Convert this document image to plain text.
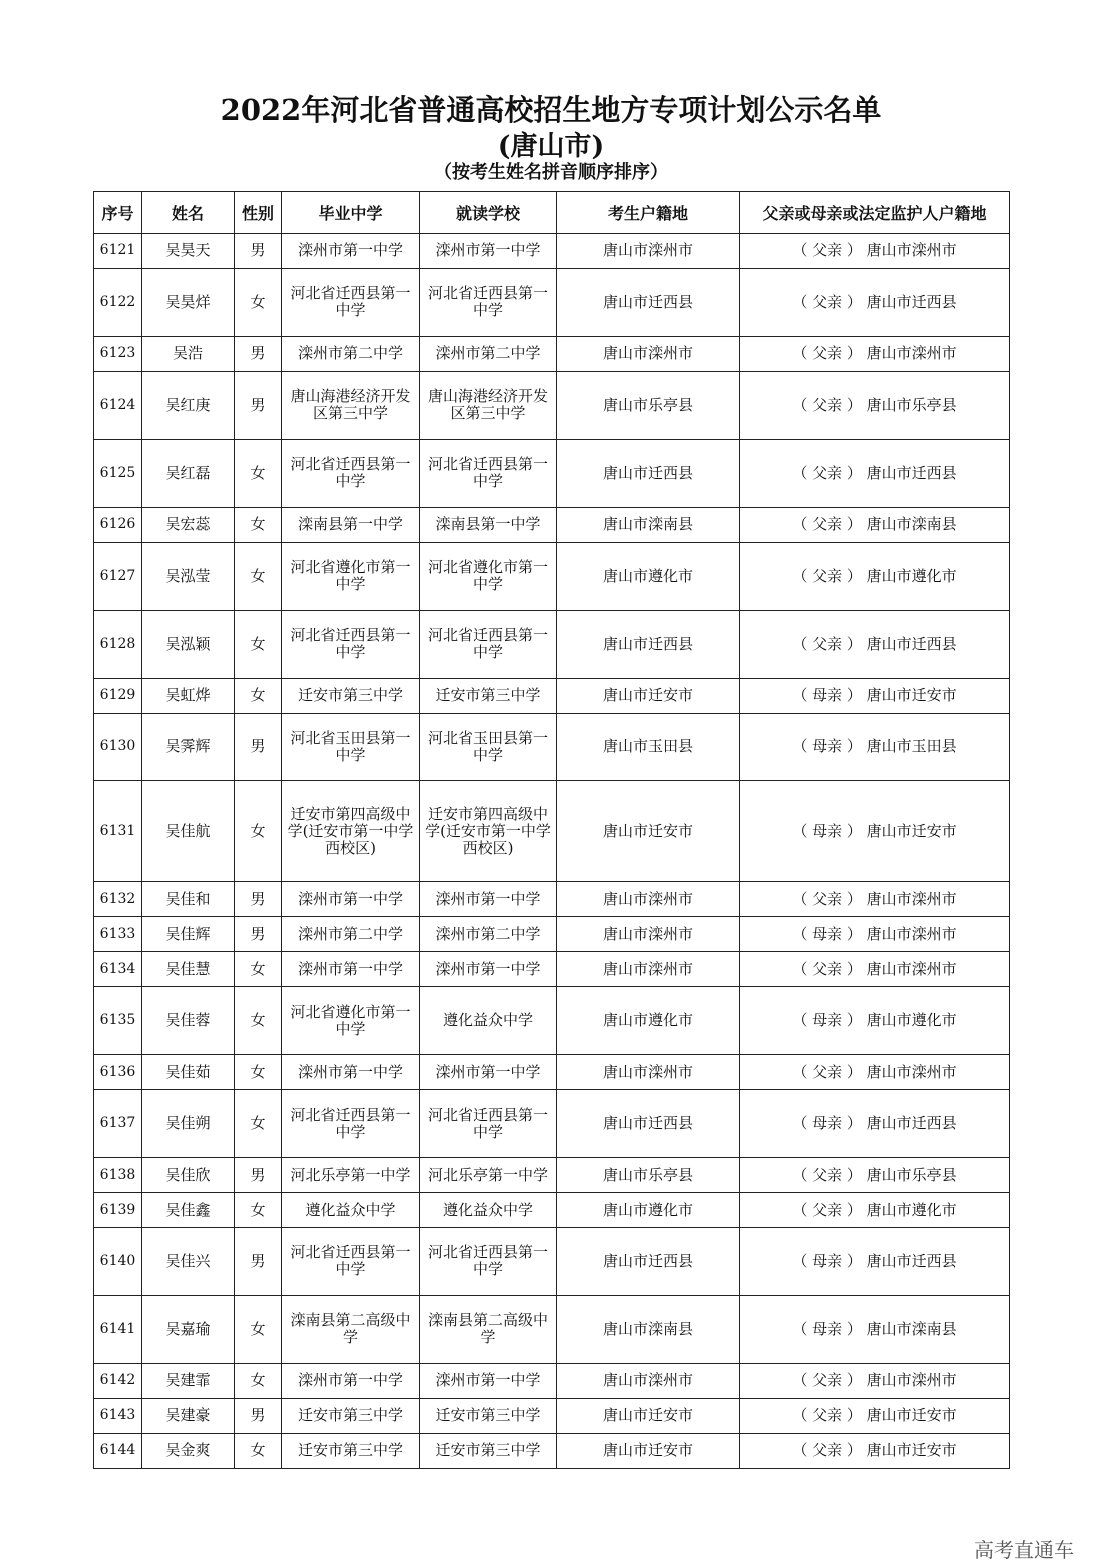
2022年河北省普通高校招生地方专项计划公示名单
(唐山市)
（按考生姓名拼音顺序排序）
序号	姓名	性别	毕业中学	就读学校	考生户籍地	父亲或母亲或法定监护人户籍地
6121	吴昊天	男	滦州市第一中学	滦州市第一中学	唐山市滦州市	（ 父亲 ） 唐山市滦州市
6122	吴昊烊	女	河北省迁西县第一中学	河北省迁西县第一中学	唐山市迁西县	（ 父亲 ） 唐山市迁西县
6123	吴浩	男	滦州市第二中学	滦州市第二中学	唐山市滦州市	（ 父亲 ） 唐山市滦州市
6124	吴红庚	男	唐山海港经济开发区第三中学	唐山海港经济开发区第三中学	唐山市乐亭县	（ 父亲 ） 唐山市乐亭县
6125	吴红磊	女	河北省迁西县第一中学	河北省迁西县第一中学	唐山市迁西县	（ 父亲 ） 唐山市迁西县
6126	吴宏蕊	女	滦南县第一中学	滦南县第一中学	唐山市滦南县	（ 父亲 ） 唐山市滦南县
6127	吴泓莹	女	河北省遵化市第一中学	河北省遵化市第一中学	唐山市遵化市	（ 父亲 ） 唐山市遵化市
6128	吴泓颖	女	河北省迁西县第一中学	河北省迁西县第一中学	唐山市迁西县	（ 父亲 ） 唐山市迁西县
6129	吴虹烨	女	迁安市第三中学	迁安市第三中学	唐山市迁安市	（ 母亲 ） 唐山市迁安市
6130	吴霁辉	男	河北省玉田县第一中学	河北省玉田县第一中学	唐山市玉田县	（ 母亲 ） 唐山市玉田县
6131	吴佳航	女	迁安市第四高级中学(迁安市第一中学西校区)	迁安市第四高级中学(迁安市第一中学西校区)	唐山市迁安市	（ 母亲 ） 唐山市迁安市
6132	吴佳和	男	滦州市第一中学	滦州市第一中学	唐山市滦州市	（ 父亲 ） 唐山市滦州市
6133	吴佳辉	男	滦州市第二中学	滦州市第二中学	唐山市滦州市	（ 母亲 ） 唐山市滦州市
6134	吴佳慧	女	滦州市第一中学	滦州市第一中学	唐山市滦州市	（ 父亲 ） 唐山市滦州市
6135	吴佳蓉	女	河北省遵化市第一中学	遵化益众中学	唐山市遵化市	（ 母亲 ） 唐山市遵化市
6136	吴佳茹	女	滦州市第一中学	滦州市第一中学	唐山市滦州市	（ 父亲 ） 唐山市滦州市
6137	吴佳朔	女	河北省迁西县第一中学	河北省迁西县第一中学	唐山市迁西县	（ 母亲 ） 唐山市迁西县
6138	吴佳欣	男	河北乐亭第一中学	河北乐亭第一中学	唐山市乐亭县	（ 父亲 ） 唐山市乐亭县
6139	吴佳鑫	女	遵化益众中学	遵化益众中学	唐山市遵化市	（ 父亲 ） 唐山市遵化市
6140	吴佳兴	男	河北省迁西县第一中学	河北省迁西县第一中学	唐山市迁西县	（ 母亲 ） 唐山市迁西县
6141	吴嘉瑜	女	滦南县第二高级中学	滦南县第二高级中学	唐山市滦南县	（ 母亲 ） 唐山市滦南县
6142	吴建霏	女	滦州市第一中学	滦州市第一中学	唐山市滦州市	（ 父亲 ） 唐山市滦州市
6143	吴建豪	男	迁安市第三中学	迁安市第三中学	唐山市迁安市	（ 父亲 ） 唐山市迁安市
6144	吴金爽	女	迁安市第三中学	迁安市第三中学	唐山市迁安市	（ 父亲 ） 唐山市迁安市
高考直通车
